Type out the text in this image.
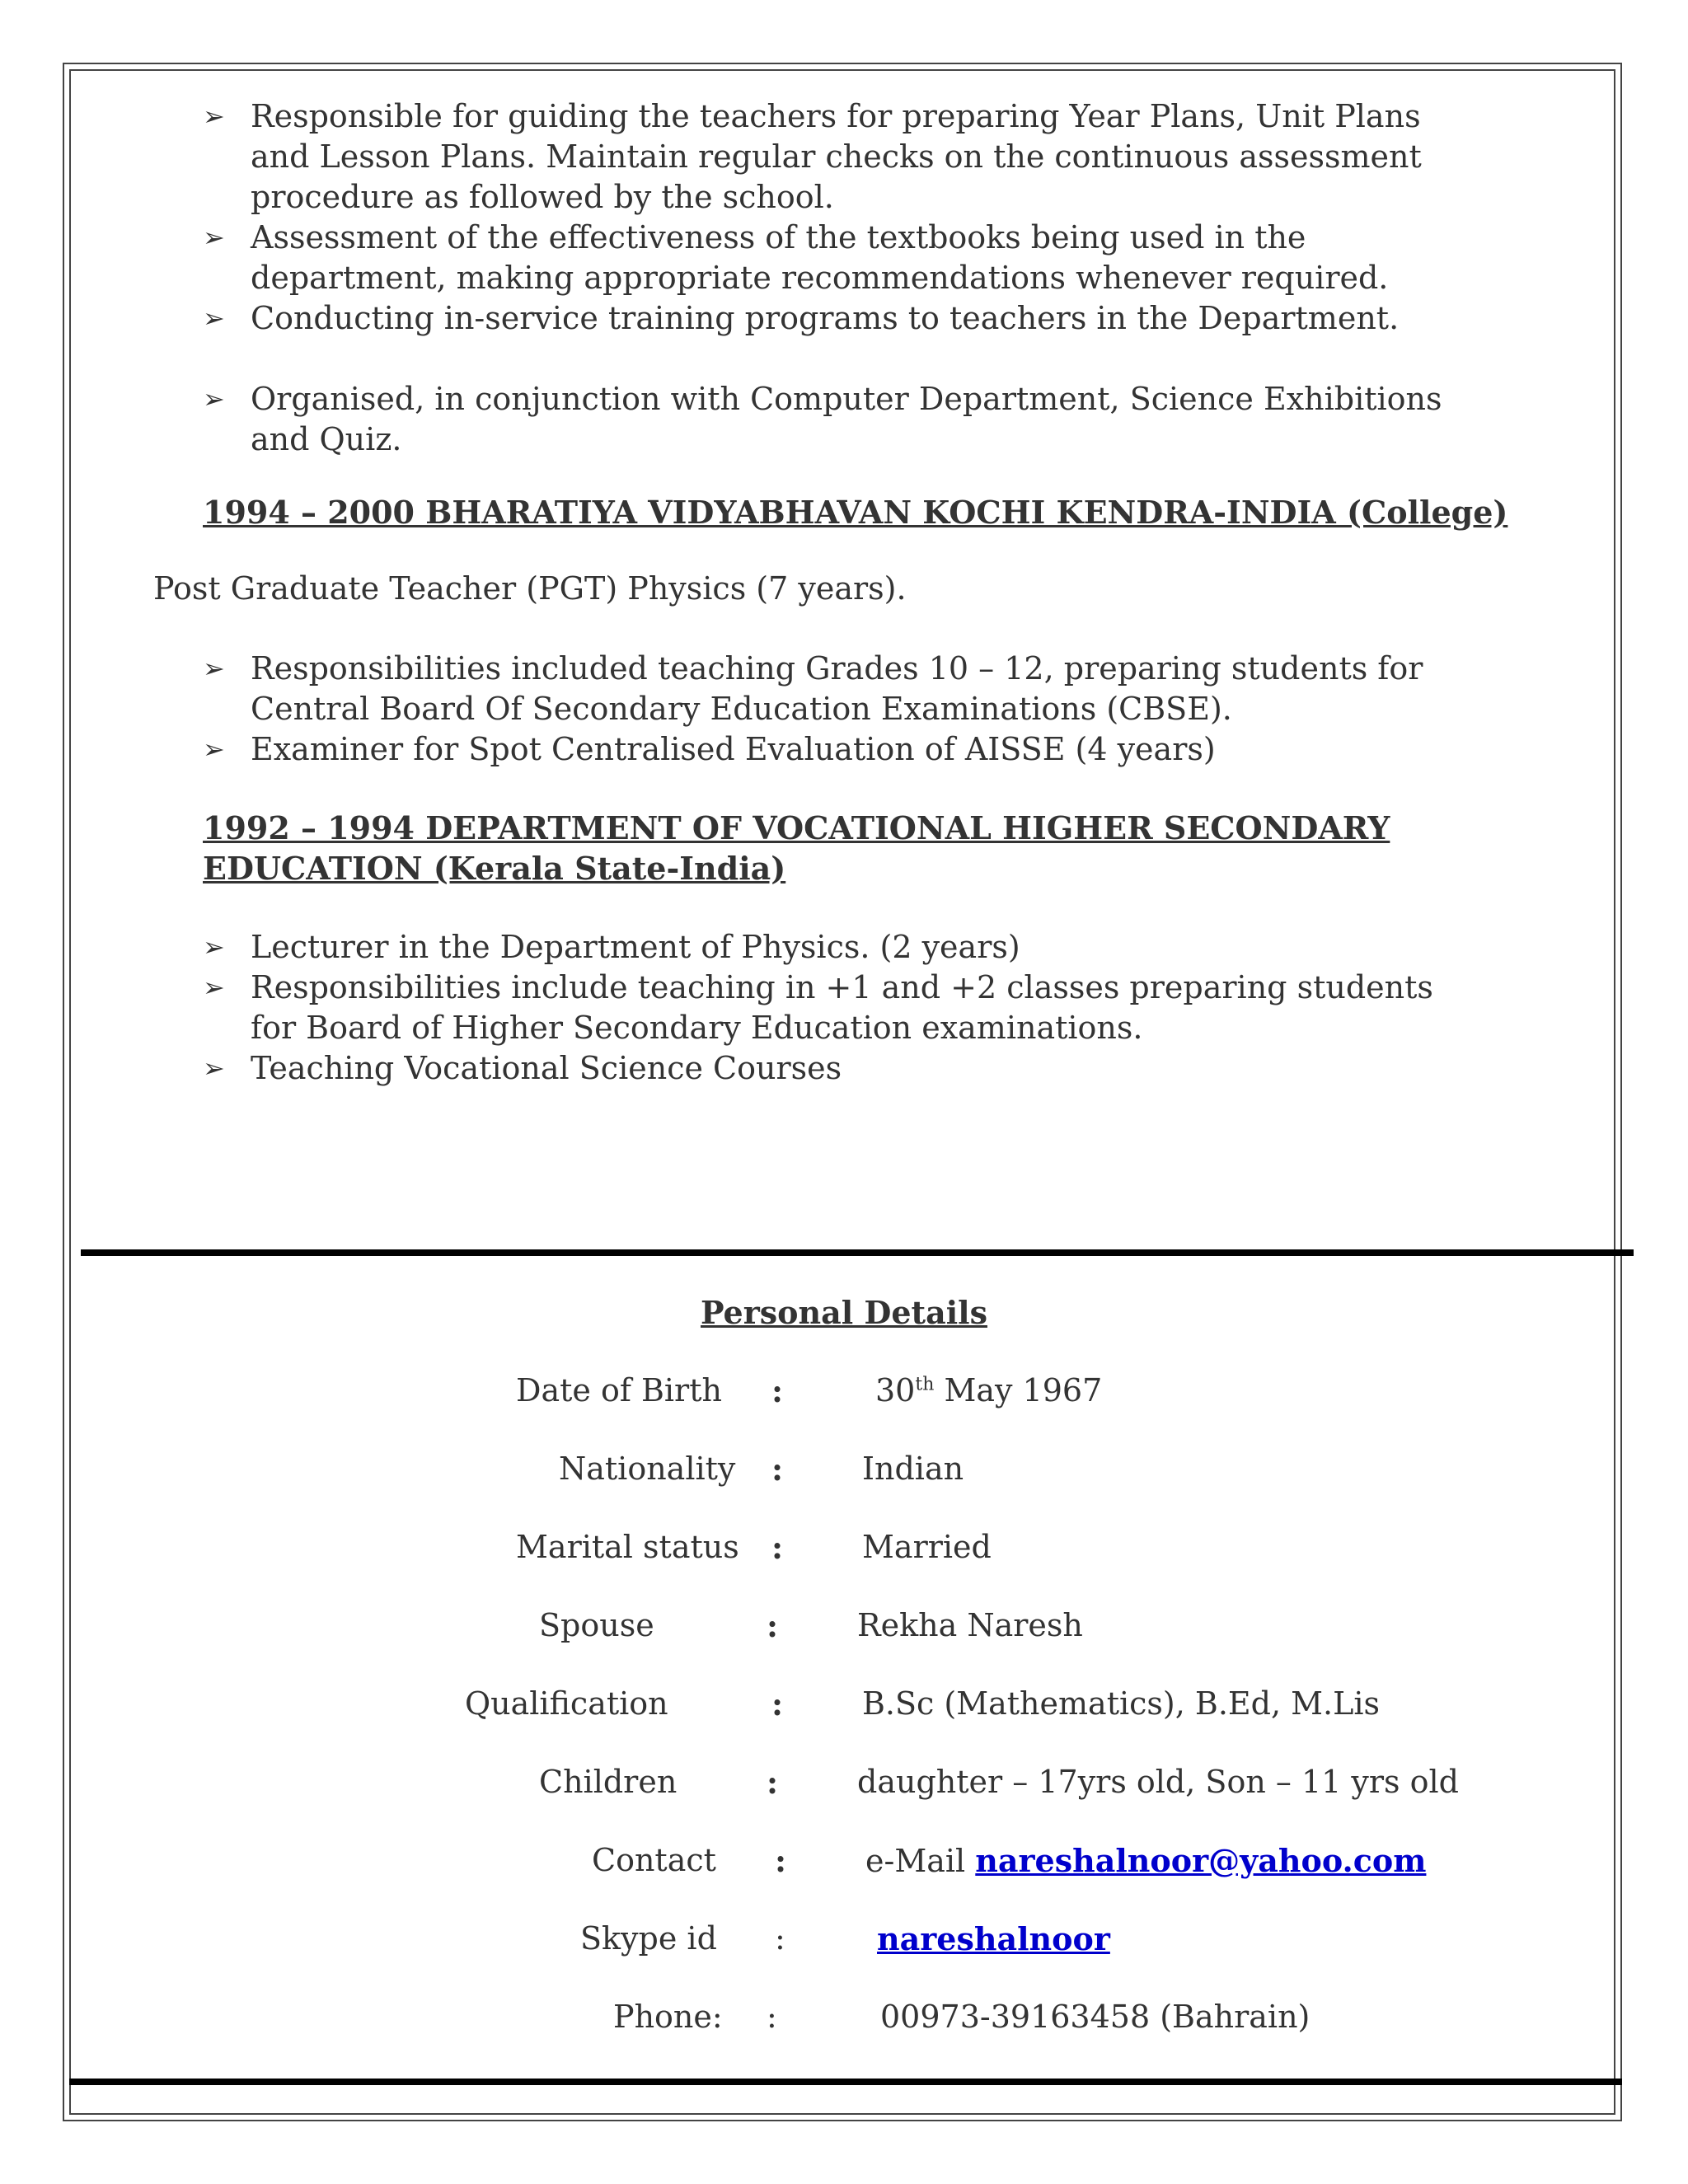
➢ Responsible for guiding the teachers for preparing Year Plans, Unit Plans and Lesson Plans. Maintain regular checks on the continuous assessment procedure as followed by the school.
➢ Assessment of the effectiveness of the textbooks being used in the department, making appropriate recommendations whenever required.
➢ Conducting in-service training programs to teachers in the Department.
➢ Organised, in conjunction with Computer Department, Science Exhibitions and Quiz.
1994 – 2000 BHARATIYA VIDYABHAVAN KOCHI KENDRA-INDIA (College)
Post Graduate Teacher (PGT) Physics (7 years).
➢ Responsibilities included teaching Grades 10 – 12, preparing students for Central Board Of Secondary Education Examinations (CBSE).
➢ Examiner for Spot Centralised Evaluation of AISSE (4 years)
1992 – 1994 DEPARTMENT OF VOCATIONAL HIGHER SECONDARY
EDUCATION (Kerala State-India)
➢ Lecturer in the Department of Physics. (2 years)
➢ Responsibilities include teaching in +1 and +2 classes preparing students for Board of Higher Secondary Education examinations.
➢ Teaching Vocational Science Courses
Personal Details
Date of Birth :	30th May 1967
Nationality :	Indian
Marital status :	Married
Spouse	:	Rekha Naresh
Qualification	:	B.Sc (Mathematics), B.Ed, M.Lis
Children	:	daughter – 17yrs old, Son – 11 yrs old
Contact :	e-Mail nareshalnoor@yahoo.com
Skype id :	nareshalnoor
Phone: :	00973-39163458 (Bahrain)
